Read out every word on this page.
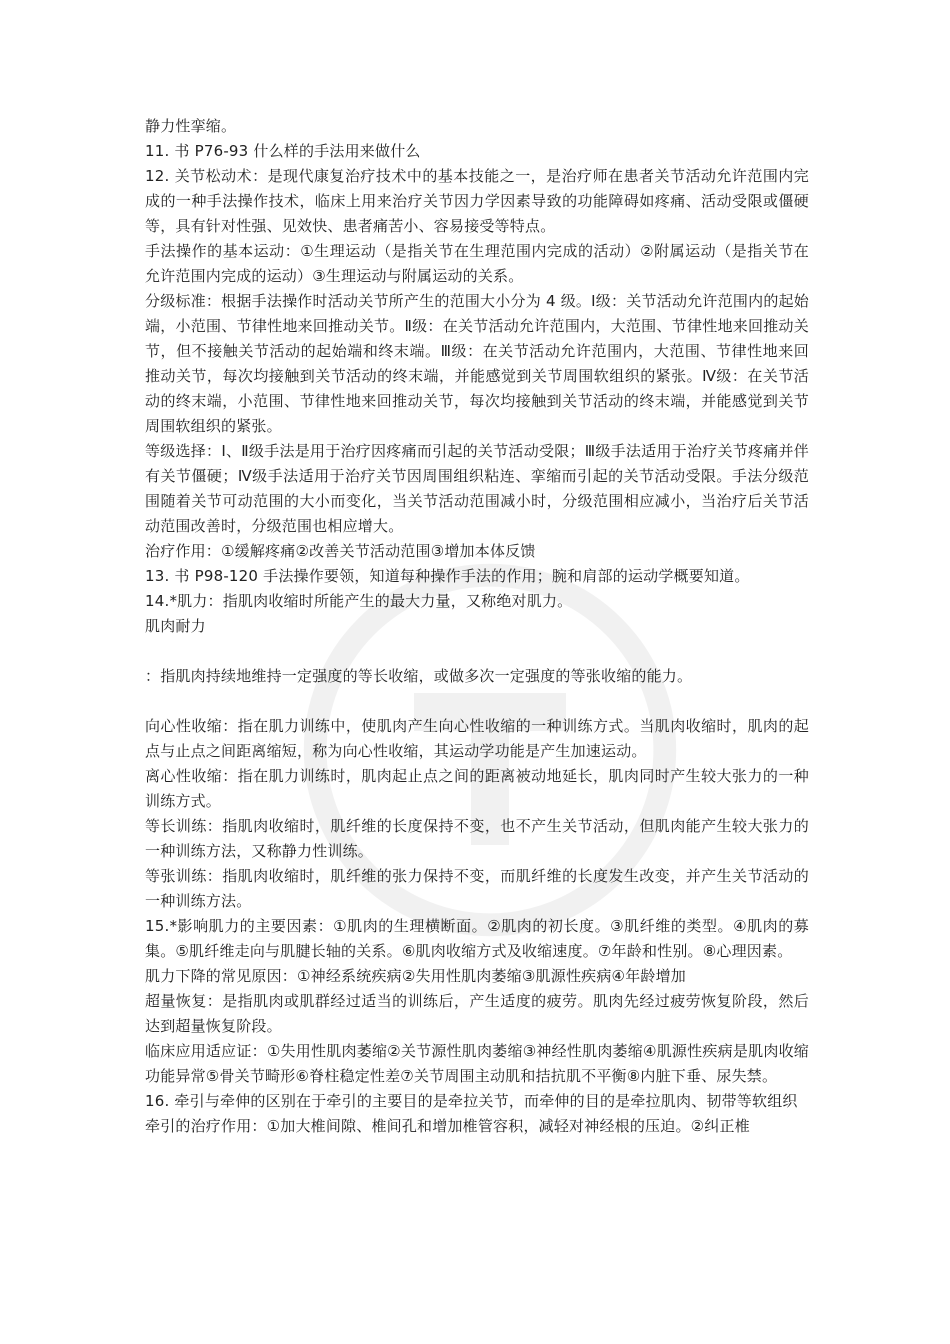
静力性挛缩。

11. 书 P76-93 什么样的手法用来做什么

12. 关节松动术：是现代康复治疗技术中的基本技能之一，是治疗师在患者关节活动允许范围内完成的一种手法操作技术，临床上用来治疗关节因力学因素导致的功能障碍如疼痛、活动受限或僵硬等，具有针对性强、见效快、患者痛苦小、容易接受等特点。

手法操作的基本运动：①生理运动（是指关节在生理范围内完成的活动）②附属运动（是指关节在允许范围内完成的运动）③生理运动与附属运动的关系。

分级标准：根据手法操作时活动关节所产生的范围大小分为 4 级。Ⅰ级：关节活动允许范围内的起始端，小范围、节律性地来回推动关节。Ⅱ级：在关节活动允许范围内，大范围、节律性地来回推动关节，但不接触关节活动的起始端和终末端。Ⅲ级：在关节活动允许范围内，大范围、节律性地来回推动关节，每次均接触到关节活动的终末端，并能感觉到关节周围软组织的紧张。Ⅳ级：在关节活动的终末端，小范围、节律性地来回推动关节，每次均接触到关节活动的终末端，并能感觉到关节周围软组织的紧张。

等级选择：Ⅰ、Ⅱ级手法是用于治疗因疼痛而引起的关节活动受限；Ⅲ级手法适用于治疗关节疼痛并伴有关节僵硬；Ⅳ级手法适用于治疗关节因周围组织粘连、挛缩而引起的关节活动受限。手法分级范围随着关节可动范围的大小而变化，当关节活动范围减小时，分级范围相应减小，当治疗后关节活动范围改善时，分级范围也相应增大。

治疗作用：①缓解疼痛②改善关节活动范围③增加本体反馈

13. 书 P98-120 手法操作要领，知道每种操作手法的作用；腕和肩部的运动学概要知道。

14.*肌力：指肌肉收缩时所能产生的最大力量，又称绝对肌力。

肌肉耐力

：指肌肉持续地维持一定强度的等长收缩，或做多次一定强度的等张收缩的能力。

向心性收缩：指在肌力训练中，使肌肉产生向心性收缩的一种训练方式。当肌肉收缩时，肌肉的起点与止点之间距离缩短，称为向心性收缩，其运动学功能是产生加速运动。

离心性收缩：指在肌力训练时，肌肉起止点之间的距离被动地延长，肌肉同时产生较大张力的一种训练方式。

等长训练：指肌肉收缩时，肌纤维的长度保持不变，也不产生关节活动，但肌肉能产生较大张力的一种训练方法，又称静力性训练。

等张训练：指肌肉收缩时，肌纤维的张力保持不变，而肌纤维的长度发生改变，并产生关节活动的一种训练方法。

15.*影响肌力的主要因素：①肌肉的生理横断面。②肌肉的初长度。③肌纤维的类型。④肌肉的募集。⑤肌纤维走向与肌腱长轴的关系。⑥肌肉收缩方式及收缩速度。⑦年龄和性别。⑧心理因素。

肌力下降的常见原因：①神经系统疾病②失用性肌肉萎缩③肌源性疾病④年龄增加

超量恢复：是指肌肉或肌群经过适当的训练后，产生适度的疲劳。肌肉先经过疲劳恢复阶段，然后达到超量恢复阶段。

临床应用适应证：①失用性肌肉萎缩②关节源性肌肉萎缩③神经性肌肉萎缩④肌源性疾病是肌肉收缩功能异常⑤骨关节畸形⑥脊柱稳定性差⑦关节周围主动肌和拮抗肌不平衡⑧内脏下垂、尿失禁。

16. 牵引与牵伸的区别在于牵引的主要目的是牵拉关节，而牵伸的目的是牵拉肌肉、韧带等软组织

牵引的治疗作用：①加大椎间隙、椎间孔和增加椎管容积，减轻对神经根的压迫。②纠正椎
